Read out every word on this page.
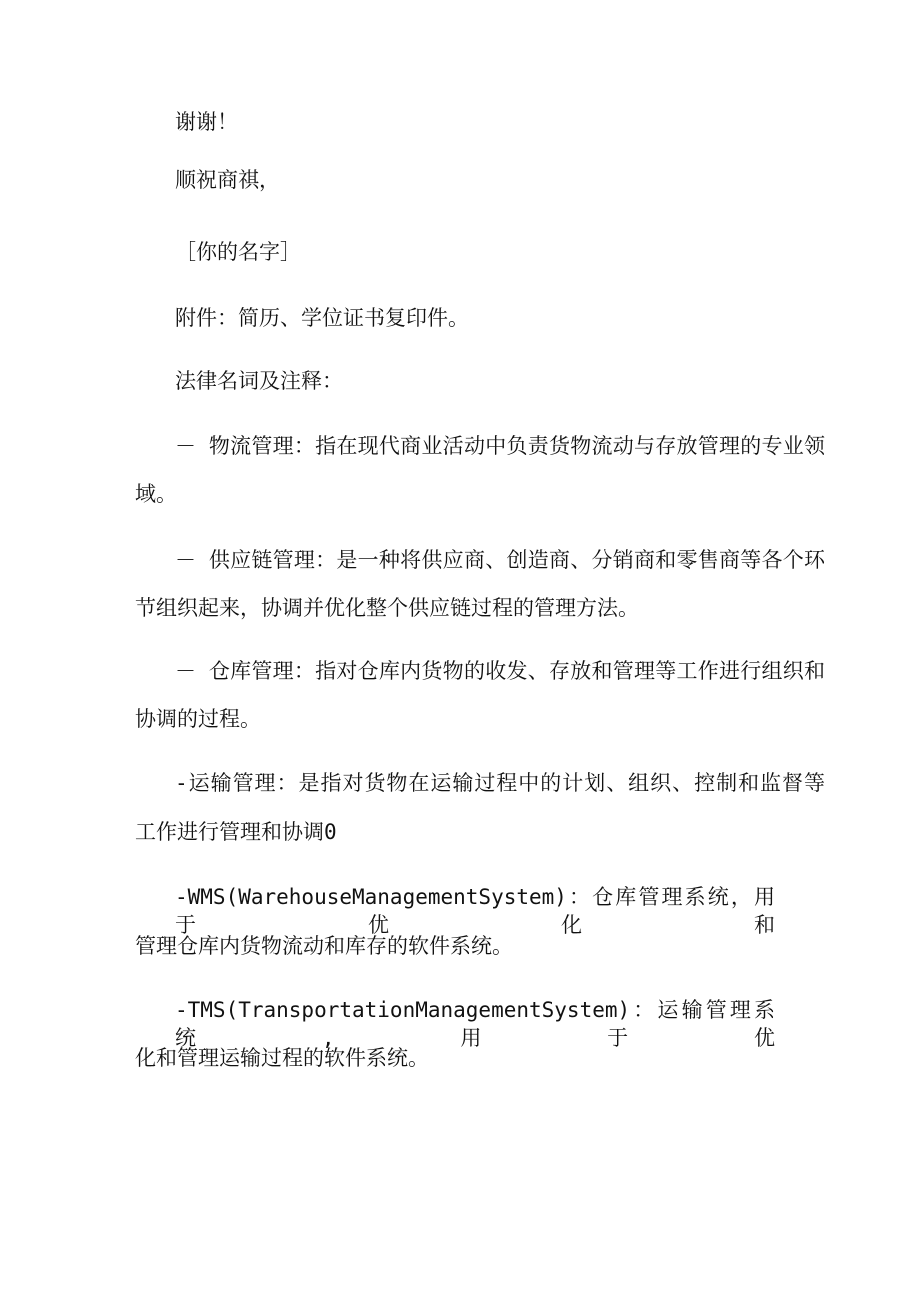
谢谢！
顺祝商祺，
［你的名字］
附件：简历、学位证书复印件。
法律名词及注释：
－ 物流管理：指在现代商业活动中负责货物流动与存放管理的专业领
域。
－ 供应链管理：是一种将供应商、创造商、分销商和零售商等各个环
节组织起来，协调并优化整个供应链过程的管理方法。
－ 仓库管理：指对仓库内货物的收发、存放和管理等工作进行组织和
协调的过程。
-运输管理：是指对货物在运输过程中的计划、组织、控制和监督等
工作进行管理和协调0
-WMS(WarehouseManagementSystem)：仓库管理系统，用于优化和
管理仓库内货物流动和库存的软件系统。
-TMS(TransportationManagementSystem)：运输管理系统,用于优
化和管理运输过程的软件系统。
